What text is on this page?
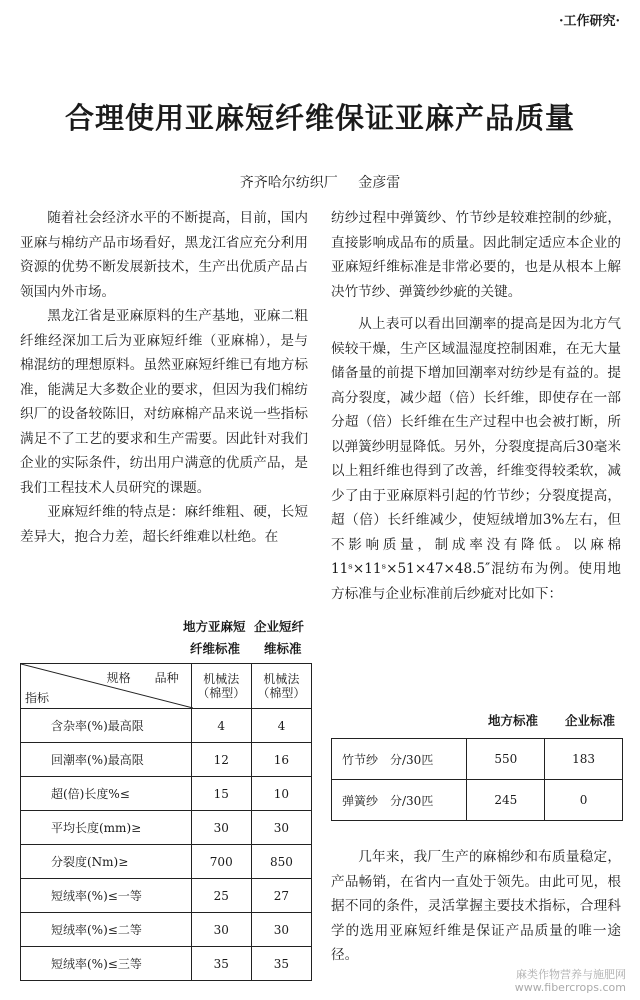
·工作研究·
合理使用亚麻短纤维保证亚麻产品质量
齐齐哈尔纺织厂 金彦雷

随着社会经济水平的不断提高，目前，国内亚麻与棉纺产品市场看好，黑龙江省应充分利用资源的优势不断发展新技术，生产出优质产品占领国内外市场。

黑龙江省是亚麻原料的生产基地，亚麻二粗纤维经深加工后为亚麻短纤维（亚麻棉），是与棉混纺的理想原料。虽然亚麻短纤维已有地方标准，能满足大多数企业的要求，但因为我们棉纺织厂的设备较陈旧，对纺麻棉产品来说一些指标满足不了工艺的要求和生产需要。因此针对我们企业的实际条件，纺出用户满意的优质产品，是我们工程技术人员研究的课题。

亚麻短纤维的特点是：麻纤维粗、硬，长短差异大，抱合力差，超长纤维难以杜绝。在

地方亚麻短 企业短纤
纤维标准 维标准
规格　　品种
指标	机械法（棉型）	机械法（棉型）
含杂率(%)最高限	4	4
回潮率(%)最高限	12	16
超(倍)长度%≤	15	10
平均长度(mm)≥	30	30
分裂度(Nm)≥	700	850
短绒率(%)≤一等	25	27
短绒率(%)≤二等	30	30
短绒率(%)≤三等	35	35

纺纱过程中弹簧纱、竹节纱是较难控制的纱疵，直接影响成品布的质量。因此制定适应本企业的亚麻短纤维标准是非常必要的，也是从根本上解决竹节纱、弹簧纱纱疵的关键。

从上表可以看出回潮率的提高是因为北方气候较干燥，生产区域温湿度控制困难，在无大量储备量的前提下增加回潮率对纺纱是有益的。提高分裂度，减少超（倍）长纤维，即使存在一部分超（倍）长纤维在生产过程中也会被打断，所以弹簧纱明显降低。另外，分裂度提高后30毫米以上粗纤维也得到了改善，纤维变得较柔软，减少了由于亚麻原料引起的竹节纱；分裂度提高，超（倍）长纤维减少，使短绒增加3%左右，但不影响质量，制成率没有降低。以麻棉11ˢ×11ˢ×51×47×48.5″混纺布为例。使用地方标准与企业标准前后纱疵对比如下：

地方标准 企业标准
竹节纱　分/30匹	550	183
弹簧纱　分/30匹	245	0

几年来，我厂生产的麻棉纱和布质量稳定，产品畅销，在省内一直处于领先。由此可见，根据不同的条件，灵活掌握主要技术指标，合理科学的选用亚麻短纤维是保证产品质量的唯一途径。

麻类作物营养与施肥网
www.fibercrops.com
